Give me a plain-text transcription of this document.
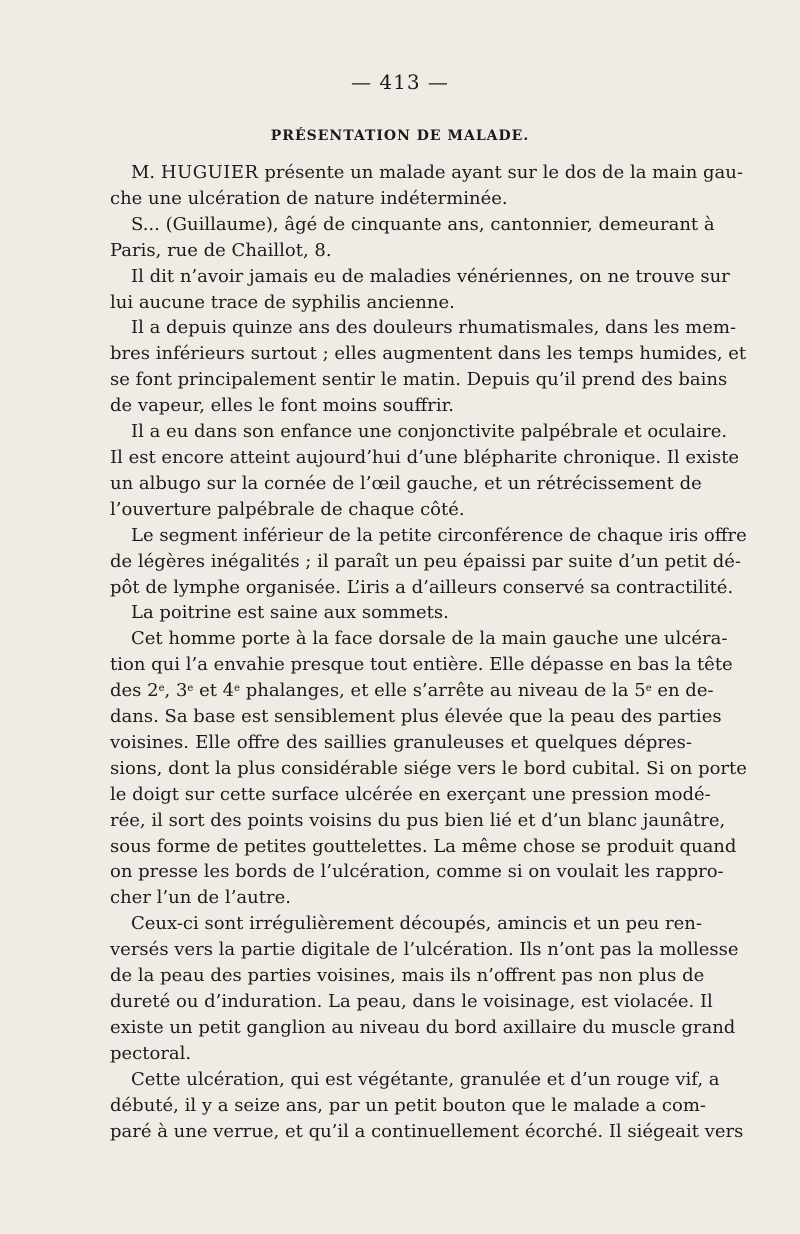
— 413 —
PRÉSENTATION DE MALADE.
M. HUGUIER présente un malade ayant sur le dos de la main gau-
che une ulcération de nature indéterminée.
S... (Guillaume), âgé de cinquante ans, cantonnier, demeurant à
Paris, rue de Chaillot, 8.
Il dit n’avoir jamais eu de maladies vénériennes, on ne trouve sur
lui aucune trace de syphilis ancienne.
Il a depuis quinze ans des douleurs rhumatismales, dans les mem-
bres inférieurs surtout ; elles augmentent dans les temps humides, et
se font principalement sentir le matin. Depuis qu’il prend des bains
de vapeur, elles le font moins souffrir.
Il a eu dans son enfance une conjonctivite palpébrale et oculaire.
Il est encore atteint aujourd’hui d’une blépharite chronique. Il existe
un albugo sur la cornée de l’œil gauche, et un rétrécissement de
l’ouverture palpébrale de chaque côté.
Le segment inférieur de la petite circonférence de chaque iris offre
de légères inégalités ; il paraît un peu épaissi par suite d’un petit dé-
pôt de lymphe organisée. L’iris a d’ailleurs conservé sa contractilité.
La poitrine est saine aux sommets.
Cet homme porte à la face dorsale de la main gauche une ulcéra-
tion qui l’a envahie presque tout entière. Elle dépasse en bas la tête
des 2e, 3e et 4e phalanges, et elle s’arrête au niveau de la 5e en de-
dans. Sa base est sensiblement plus élevée que la peau des parties
voisines. Elle offre des saillies granuleuses et quelques dépres-
sions, dont la plus considérable siége vers le bord cubital. Si on porte
le doigt sur cette surface ulcérée en exerçant une pression modé-
rée, il sort des points voisins du pus bien lié et d’un blanc jaunâtre,
sous forme de petites gouttelettes. La même chose se produit quand
on presse les bords de l’ulcération, comme si on voulait les rappro-
cher l’un de l’autre.
Ceux-ci sont irrégulièrement découpés, amincis et un peu ren-
versés vers la partie digitale de l’ulcération. Ils n’ont pas la mollesse
de la peau des parties voisines, mais ils n’offrent pas non plus de
dureté ou d’induration. La peau, dans le voisinage, est violacée. Il
existe un petit ganglion au niveau du bord axillaire du muscle grand
pectoral.
Cette ulcération, qui est végétante, granulée et d’un rouge vif, a
débuté, il y a seize ans, par un petit bouton que le malade a com-
paré à une verrue, et qu’il a continuellement écorché. Il siégeait vers
